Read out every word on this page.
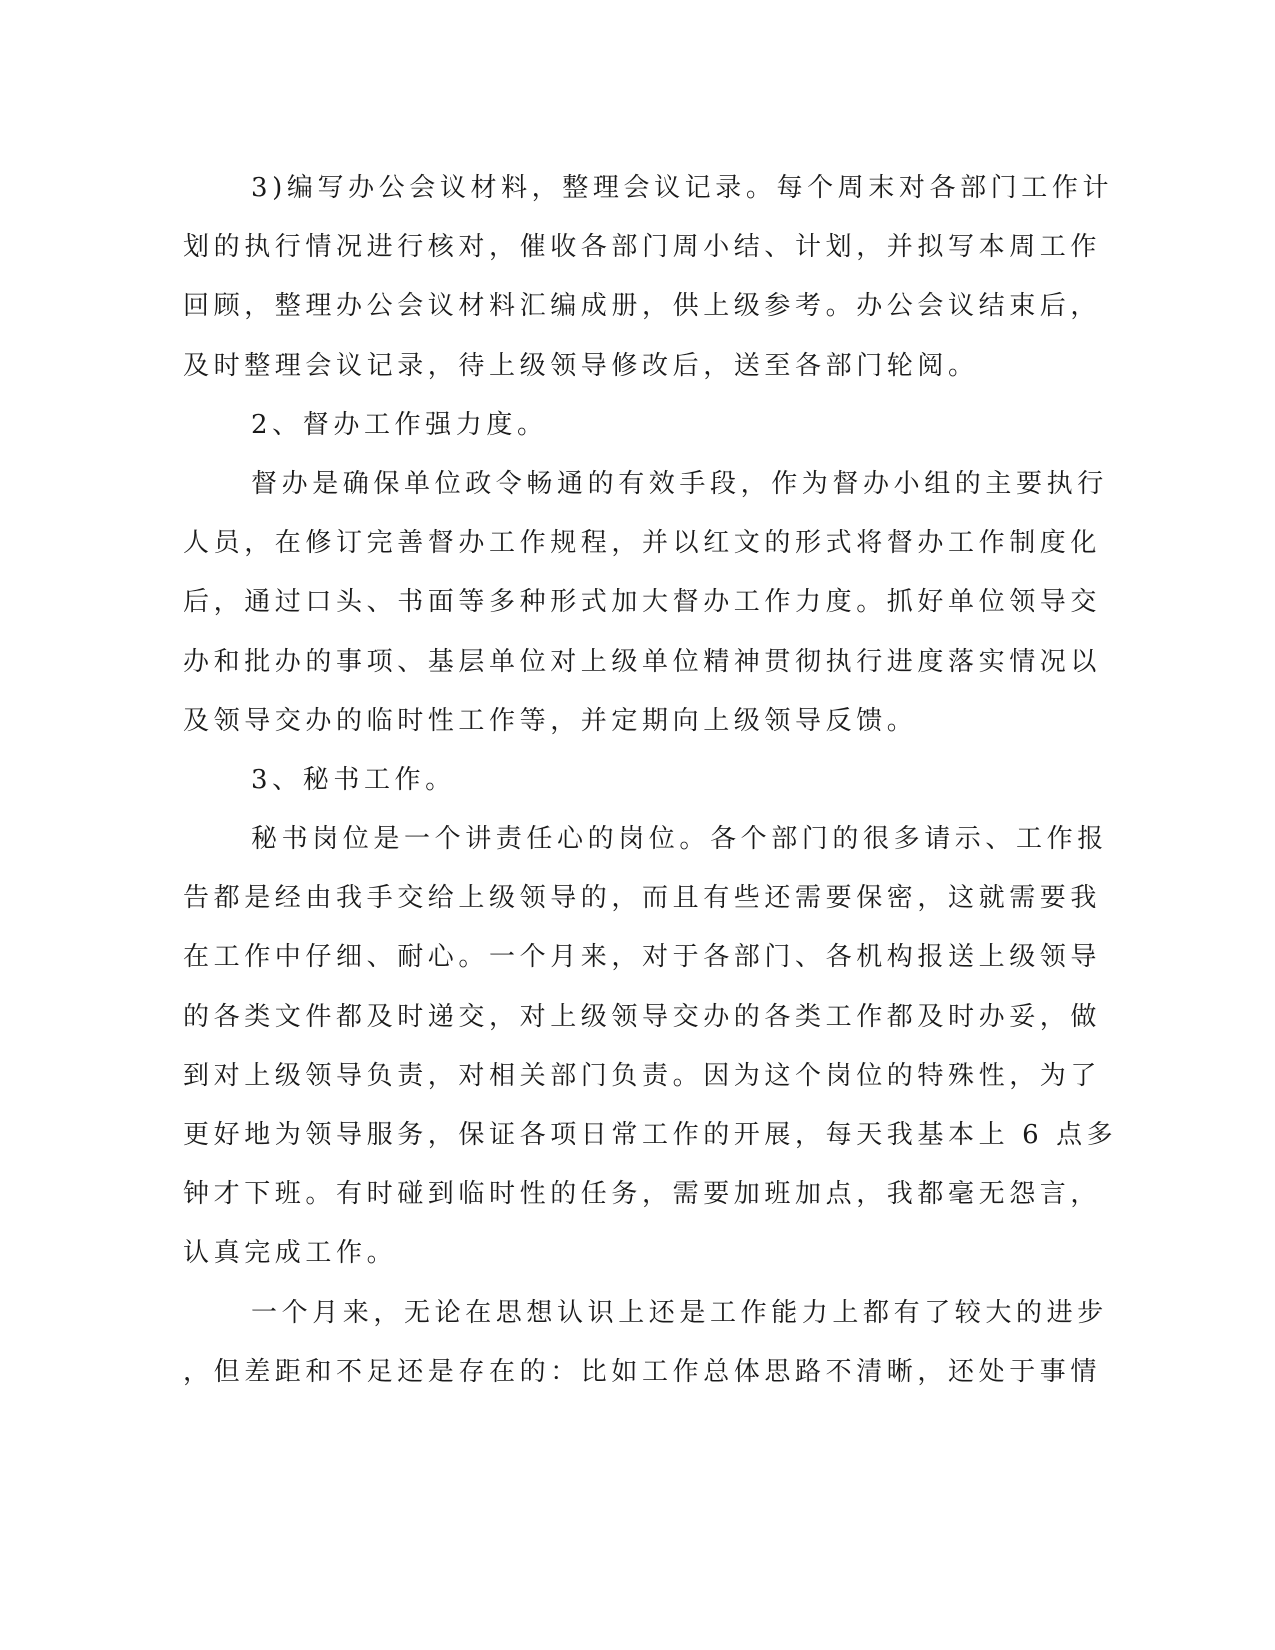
3)编写办公会议材料，整理会议记录。每个周末对各部门工作计
划的执行情况进行核对，催收各部门周小结、计划，并拟写本周工作
回顾，整理办公会议材料汇编成册，供上级参考。办公会议结束后，
及时整理会议记录，待上级领导修改后，送至各部门轮阅。
2、督办工作强力度。
督办是确保单位政令畅通的有效手段，作为督办小组的主要执行
人员，在修订完善督办工作规程，并以红文的形式将督办工作制度化
后，通过口头、书面等多种形式加大督办工作力度。抓好单位领导交
办和批办的事项、基层单位对上级单位精神贯彻执行进度落实情况以
及领导交办的临时性工作等，并定期向上级领导反馈。
3、秘书工作。
秘书岗位是一个讲责任心的岗位。各个部门的很多请示、工作报
告都是经由我手交给上级领导的，而且有些还需要保密，这就需要我
在工作中仔细、耐心。一个月来，对于各部门、各机构报送上级领导
的各类文件都及时递交，对上级领导交办的各类工作都及时办妥，做
到对上级领导负责，对相关部门负责。因为这个岗位的特殊性，为了
更好地为领导服务，保证各项日常工作的开展，每天我基本上 6 点多
钟才下班。有时碰到临时性的任务，需要加班加点，我都毫无怨言，
认真完成工作。
一个月来，无论在思想认识上还是工作能力上都有了较大的进步
，但差距和不足还是存在的：比如工作总体思路不清晰，还处于事情
